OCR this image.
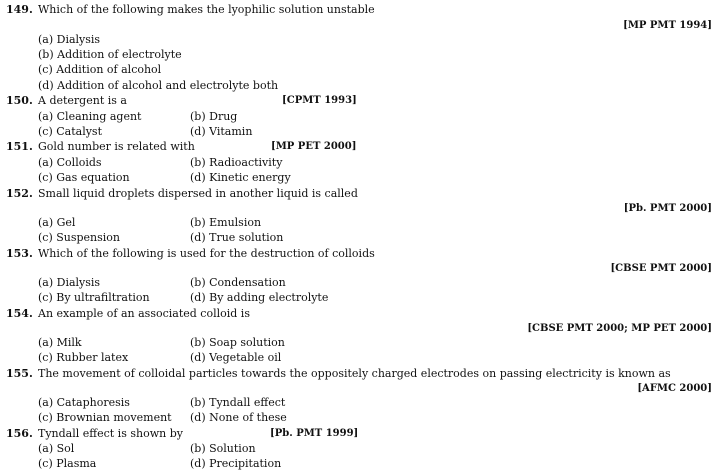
149. Which of the following makes the lyophilic solution unstable
[MP PMT 1994]
(a) Dialysis
(b) Addition of electrolyte
(c) Addition of alcohol
(d) Addition of alcohol and electrolyte both
150. A detergent is a	[CPMT 1993]
(a) Cleaning agent	(b) Drug
(c) Catalyst	(d) Vitamin
151. Gold number is related with	[MP PET 2000]
(a) Colloids	(b) Radioactivity
(c) Gas equation	(d) Kinetic energy
152. Small liquid droplets dispersed in another liquid is called
[Pb. PMT 2000]
(a) Gel	(b) Emulsion
(c) Suspension	(d) True solution
153. Which of the following is used for the destruction of colloids
[CBSE PMT 2000]
(a) Dialysis	(b) Condensation
(c) By ultrafiltration	(d) By adding electrolyte
154. An example of an associated colloid is
[CBSE PMT 2000; MP PET 2000]
(a) Milk	(b) Soap solution
(c) Rubber latex	(d) Vegetable oil
155. The movement of colloidal particles towards the oppositely charged electrodes on passing electricity is known as
[AFMC 2000]
(a) Cataphoresis	(b) Tyndall effect
(c) Brownian movement (d) None of these
156. Tyndall effect is shown by	[Pb. PMT 1999]
(a) Sol	(b) Solution
(c) Plasma	(d) Precipitation
